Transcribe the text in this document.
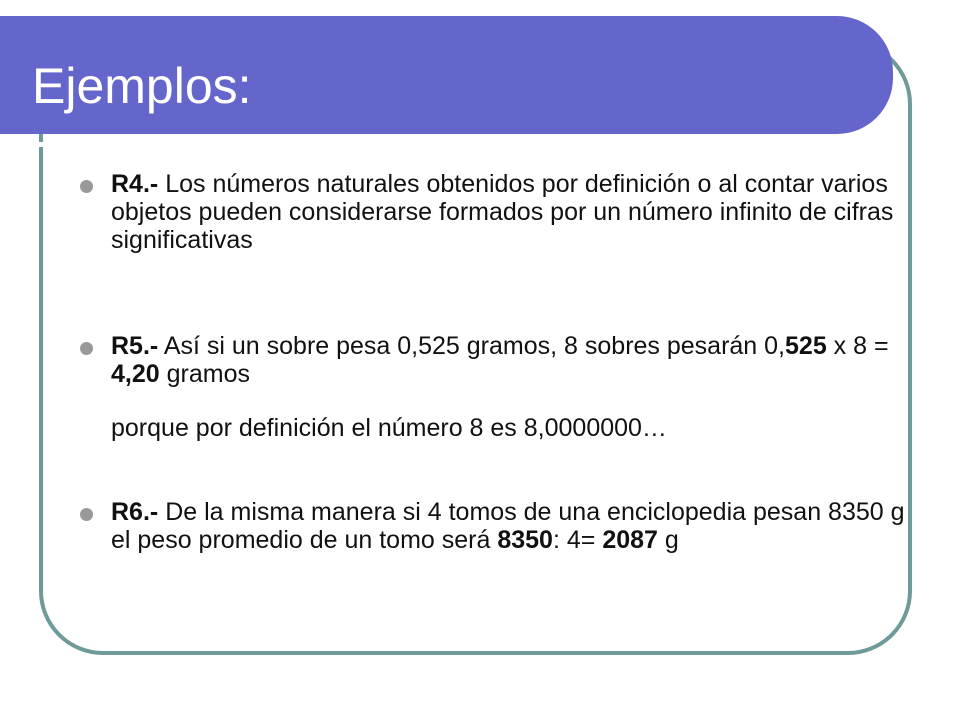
Ejemplos:
R4.- Los números naturales obtenidos por definición o al contar varios objetos pueden considerarse formados por un número infinito de cifras significativas
R5.- Así si un sobre pesa 0,525 gramos, 8 sobres pesarán 0,525 x 8 = 4,20 gramos
porque por definición el número 8 es 8,0000000…
R6.- De la misma manera si 4 tomos de una enciclopedia pesan 8350 g el peso promedio de un tomo será 8350: 4= 2087 g
